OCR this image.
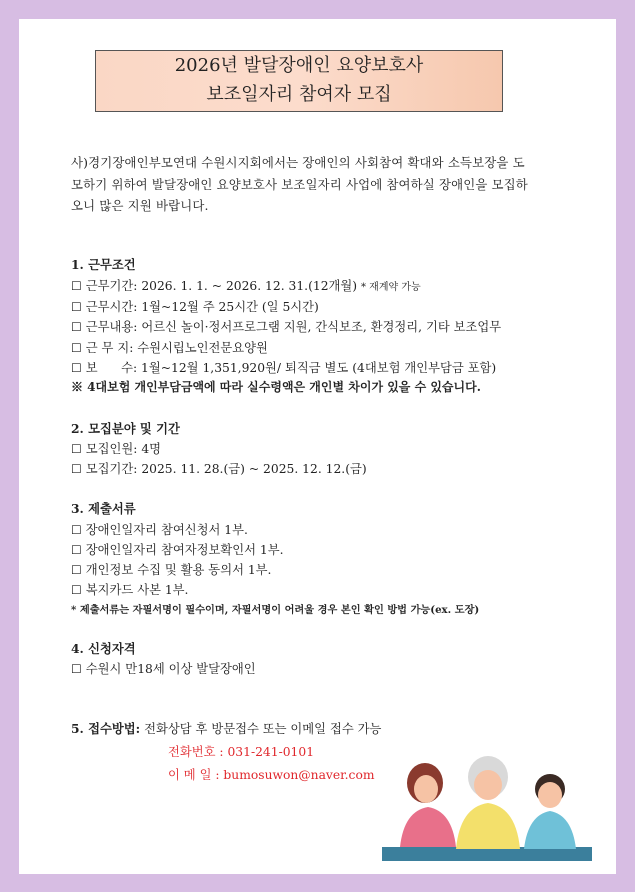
2026년 발달장애인 요양보호사
보조일자리 참여자 모집
사)경기장애인부모연대 수원시지회에서는 장애인의 사회참여 확대와 소득보장을 도모하기 위하여 발달장애인 요양보호사 보조일자리 사업에 참여하실 장애인을 모집하오니 많은 지원 바랍니다.
1. 근무조건
☐ 근무기간: 2026. 1. 1. ~ 2026. 12. 31.(12개월) * 재계약 가능
☐ 근무시간: 1월~12월 주 25시간 (일 5시간)
☐ 근무내용: 어르신 놀이·정서프로그램 지원, 간식보조, 환경정리, 기타 보조업무
☐ 근 무 지: 수원시립노인전문요양원
☐ 보      수: 1월~12월 1,351,920원/ 퇴직금 별도 (4대보험 개인부담금 포함)
※ 4대보험 개인부담금액에 따라 실수령액은 개인별 차이가 있을 수 있습니다.
2. 모집분야 및 기간
☐ 모집인원: 4명
☐ 모집기간: 2025. 11. 28.(금) ~ 2025. 12. 12.(금)
3. 제출서류
☐ 장애인일자리 참여신청서 1부.
☐ 장애인일자리 참여자정보확인서 1부.
☐ 개인정보 수집 및 활용 동의서 1부.
☐ 복지카드 사본 1부.
* 제출서류는 자필서명이 필수이며, 자필서명이 어려울 경우 본인 확인 방법 가능(ex. 도장)
4. 신청자격
☐ 수원시 만18세 이상 발달장애인
5. 접수방법: 전화상담 후 방문접수 또는 이메일 접수 가능
전화번호 : 031-241-0101
이 메 일 : bumosuwon@naver.com
